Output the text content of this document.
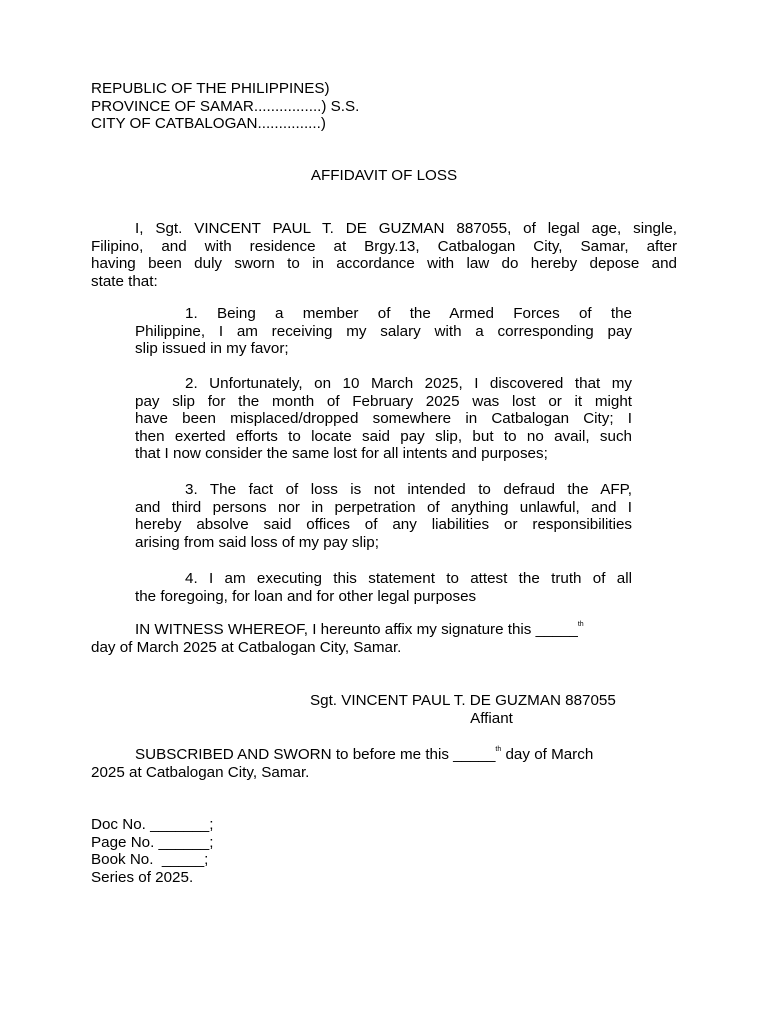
REPUBLIC OF THE PHILIPPINES)
PROVINCE OF SAMAR................) S.S.
CITY OF CATBALOGAN...............)
AFFIDAVIT OF LOSS
I, Sgt. VINCENT PAUL T. DE GUZMAN 887055, of legal age, single,
Filipino, and with residence at Brgy.13, Catbalogan City, Samar, after
having been duly sworn to in accordance with law do hereby depose and
state that:
1. Being a member of the Armed Forces of the
Philippine, I am receiving my salary with a corresponding pay
slip issued in my favor;
2. Unfortunately, on 10 March 2025, I discovered that my
pay slip for the month of February 2025 was lost or it might
have been misplaced/dropped somewhere in Catbalogan City; I
then exerted efforts to locate said pay slip, but to no avail, such
that I now consider the same lost for all intents and purposes;
3. The fact of loss is not intended to defraud the AFP,
and third persons nor in perpetration of anything unlawful, and I
hereby absolve said offices of any liabilities or responsibilities
arising from said loss of my pay slip;
4. I am executing this statement to attest the truth of all
the foregoing, for loan and for other legal purposes
IN WITNESS WHEREOF, I hereunto affix my signature this _____$^{th}$
day of March 2025 at Catbalogan City, Samar.
Sgt. VINCENT PAUL T. DE GUZMAN 887055
Affiant
SUBSCRIBED AND SWORN to before me this _____$^{th}$ day of March
2025 at Catbalogan City, Samar.
Doc No. _______;
Page No. ______;
Book No.  _____;
Series of 2025.
